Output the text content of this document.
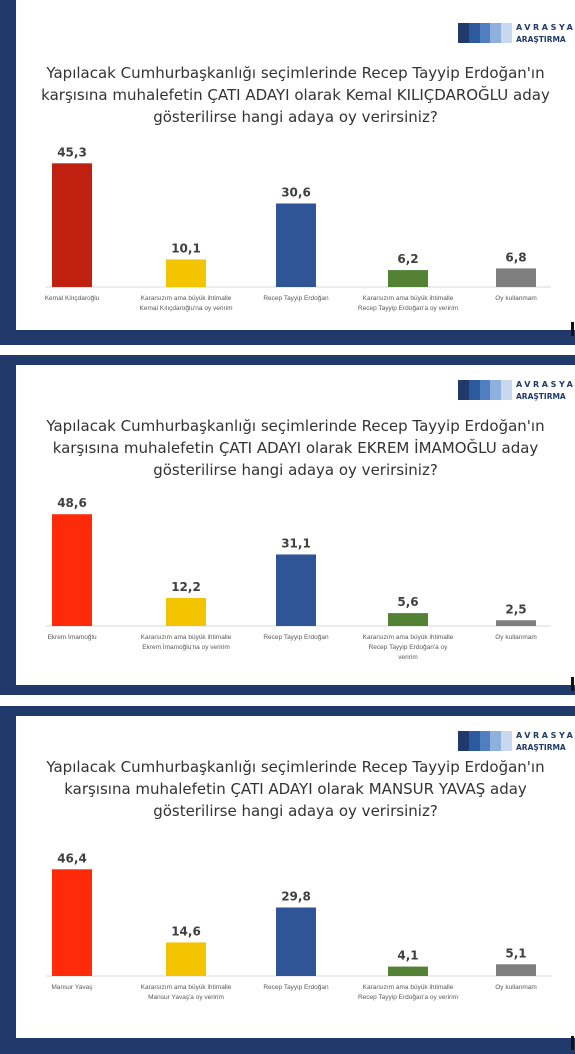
AVRASYA
ARAŞTIRMA
Yapılacak Cumhurbaşkanlığı seçimlerinde Recep Tayyip Erdoğan'ın
karşısına muhalefetin ÇATI ADAYI olarak Kemal KILIÇDAROĞLU aday
gösterilirse hangi adaya oy verirsiniz?
45,3
Kemal Kılıçdaroğlu
10,1
Kararsızım ama büyük ihtimalle
Kemal Kılıçdaroğlu'na oy veririm
30,6
Recep Tayyip Erdoğan
6,2
Kararsızım ama büyük ihtimalle
Recep Tayyip Erdoğan'a oy veririm
6,8
Oy kullanmam
AVRASYA
ARAŞTIRMA
Yapılacak Cumhurbaşkanlığı seçimlerinde Recep Tayyip Erdoğan'ın
karşısına muhalefetin ÇATI ADAYI olarak EKREM İMAMOĞLU aday
gösterilirse hangi adaya oy verirsiniz?
48,6
Ekrem İmamoğlu
12,2
Kararsızım ama büyük ihtimalle
Ekrem İmamoğlu'na oy veririm
31,1
Recep Tayyip Erdoğan
5,6
Kararsızım ama büyük ihtimalle
Recep Tayyip Erdoğan'a oy
veririm
2,5
Oy kullanmam
AVRASYA
ARAŞTIRMA
Yapılacak Cumhurbaşkanlığı seçimlerinde Recep Tayyip Erdoğan'ın
karşısına muhalefetin ÇATI ADAYI olarak MANSUR YAVAŞ aday
gösterilirse hangi adaya oy verirsiniz?
46,4
Mansur Yavaş
14,6
Kararsızım ama büyük ihtimalle
Mansur Yavaş'a oy veririm
29,8
Recep Tayyip Erdoğan
4,1
Kararsızım ama büyük ihtimalle
Recep Tayyip Erdoğan'a oy veririm
5,1
Oy kullanmam
